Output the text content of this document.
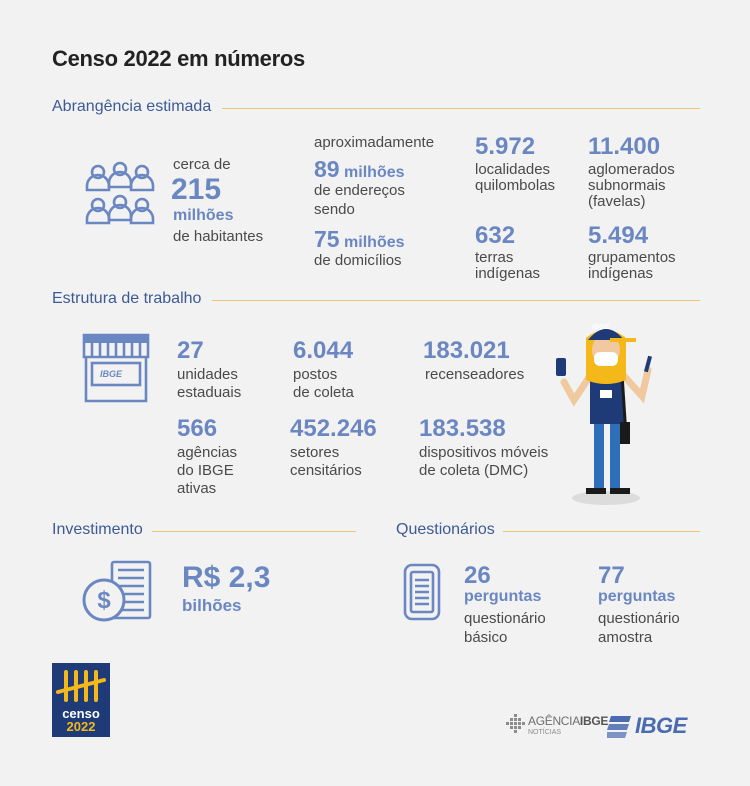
Censo 2022 em números
Abrangência estimada
cerca de
215
milhões
de habitantes
aproximadamente
89 milhões
de endereços
sendo
75 milhões
de domicílios
5.972
localidades
quilombolas
11.400
aglomerados
subnormais
(favelas)
632
terras
indígenas
5.494
grupamentos
indígenas
Estrutura de trabalho
IBGE
27
unidades
estaduais
6.044
postos
de coleta
183.021
recenseadores
566
agências
do IBGE
ativas
452.246
setores
censitários
183.538
dispositivos móveis
de coleta (DMC)
IBGE
Investimento
$
R$ 2,3
bilhões
Questionários
26
perguntas
questionário
básico
77
perguntas
questionário
amostra
censo
2022	AGÊNCIAIBGE
NOTÍCIAS	IBGE
